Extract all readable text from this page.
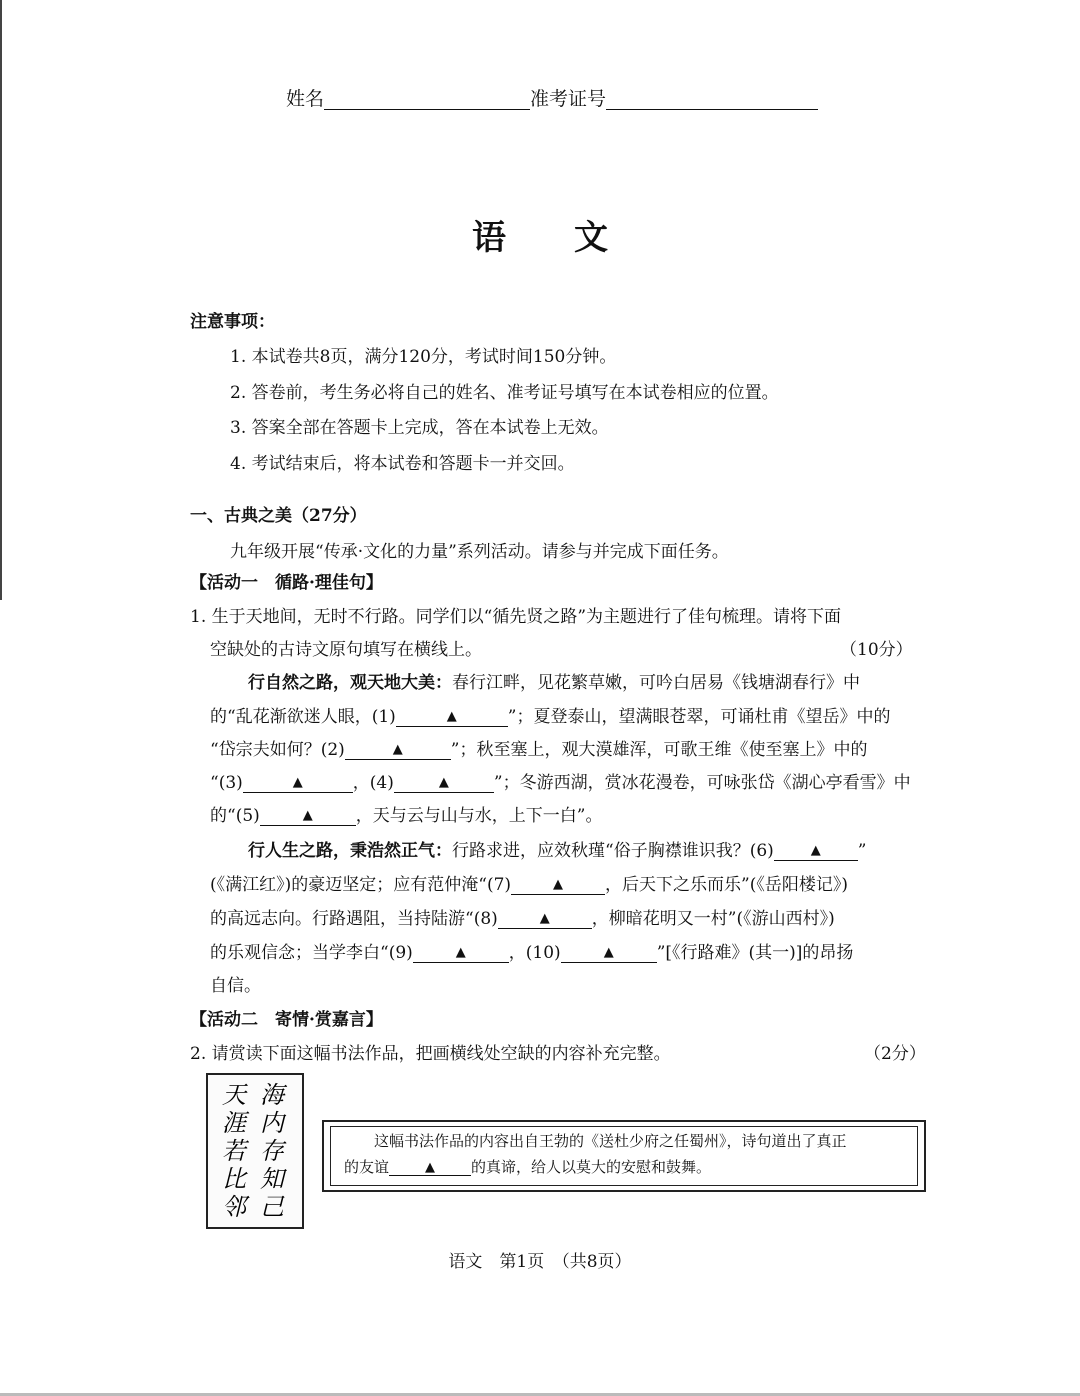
姓名	准考证号
语　　文
注意事项：
1. 本试卷共8页，满分120分，考试时间150分钟。
2. 答卷前，考生务必将自己的姓名、准考证号填写在本试卷相应的位置。
3. 答案全部在答题卡上完成，答在本试卷上无效。
4. 考试结束后，将本试卷和答题卡一并交回。
一、古典之美（27分）
九年级开展“传承·文化的力量”系列活动。请参与并完成下面任务。
【活动一　循路·理佳句】
1. 生于天地间，无时不行路。同学们以“循先贤之路”为主题进行了佳句梳理。请将下面
空缺处的古诗文原句填写在横线上。	（10分）
行自然之路，观天地大美：春行江畔，见花繁草嫩，可吟白居易《钱塘湖春行》中
的“乱花渐欲迷人眼，(1)	▲	”；夏登泰山，望满眼苍翠，可诵杜甫《望岳》中的
“岱宗夫如何？(2)	▲	”；秋至塞上，观大漠雄浑，可歌王维《使至塞上》中的
“(3)	▲	，(4)	▲	”；冬游西湖，赏冰花漫卷，可咏张岱《湖心亭看雪》中
的“(5)	▲	，天与云与山与水，上下一白”。
行人生之路，秉浩然正气：行路求进，应效秋瑾“俗子胸襟谁识我？(6)	▲ ”
(《满江红》)的豪迈坚定；应有范仲淹“(7)	▲ ，后天下之乐而乐”(《岳阳楼记》)
的高远志向。行路遇阻，当持陆游“(8)	▲ ，柳暗花明又一村”(《游山西村》)
的乐观信念；当学李白“(9)	▲	，(10)	▲	”[《行路难》(其一)]的昂扬
自信。
【活动二　寄情·赏嘉言】
2. 请赏读下面这幅书法作品，把画横线处空缺的内容补充完整。	（2分）
海内存知己
天涯若比邻
这幅书法作品的内容出自王勃的《送杜少府之任蜀州》，诗句道出了真正
的友谊	▲ 的真谛，给人以莫大的安慰和鼓舞。
语文　第1页　（共8页）
